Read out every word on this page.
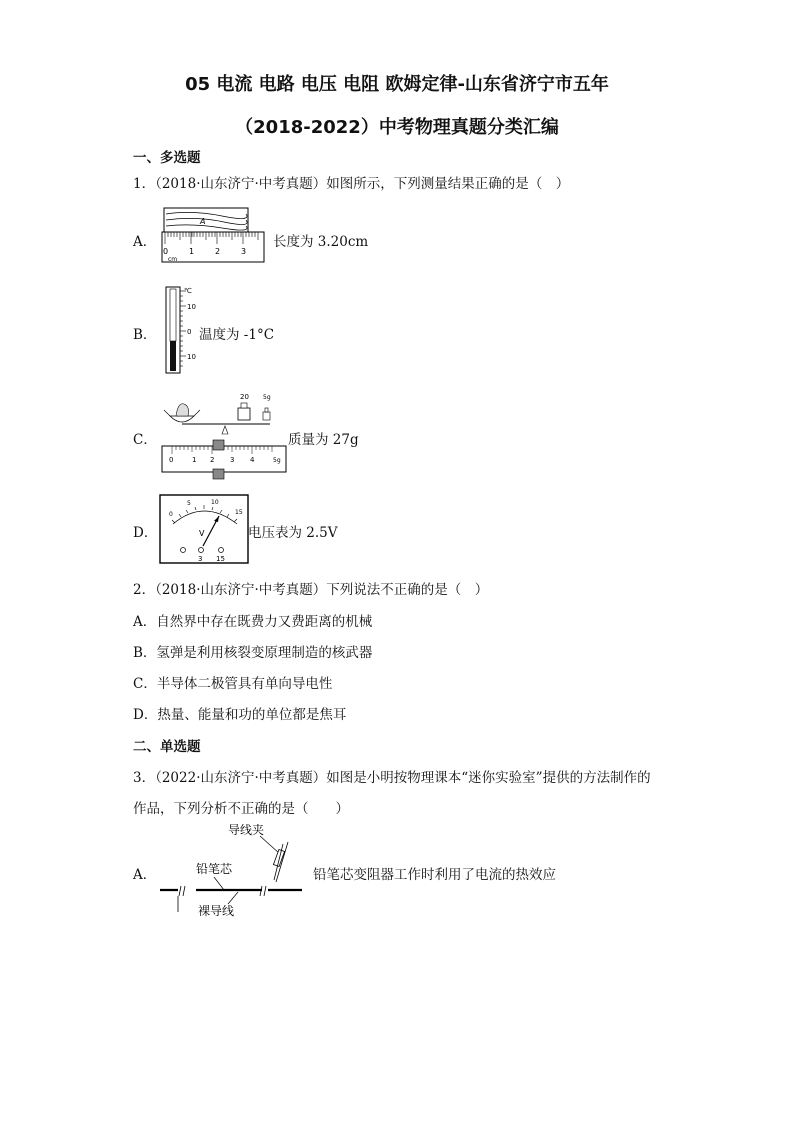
05 电流 电路 电压 电阻 欧姆定律-山东省济宁市五年
（2018-2022）中考物理真题分类汇编
一、多选题
1．（2018·山东济宁·中考真题）如图所示，下列测量结果正确的是（　）
A．
A
0	1	2	3
cm
长度为 3.20cm
B．
℃
10
0
10
温度为 -1°C
C．
20 5g
0	1 2 3 4	5g
质量为 27g
D．
0
5	10
15
V
3 15
电压表为 2.5V
2．（2018·山东济宁·中考真题）下列说法不正确的是（　）
A．自然界中存在既费力又费距离的机械
B．氢弹是利用核裂变原理制造的核武器
C．半导体二极管具有单向导电性
D．热量、能量和功的单位都是焦耳
二、单选题
3．（2022·山东济宁·中考真题）如图是小明按物理课本“迷你实验室”提供的方法制作的
作品，下列分析不正确的是（　　）
A．
导线夹
铅笔芯
裸导线
铅笔芯变阻器工作时利用了电流的热效应
